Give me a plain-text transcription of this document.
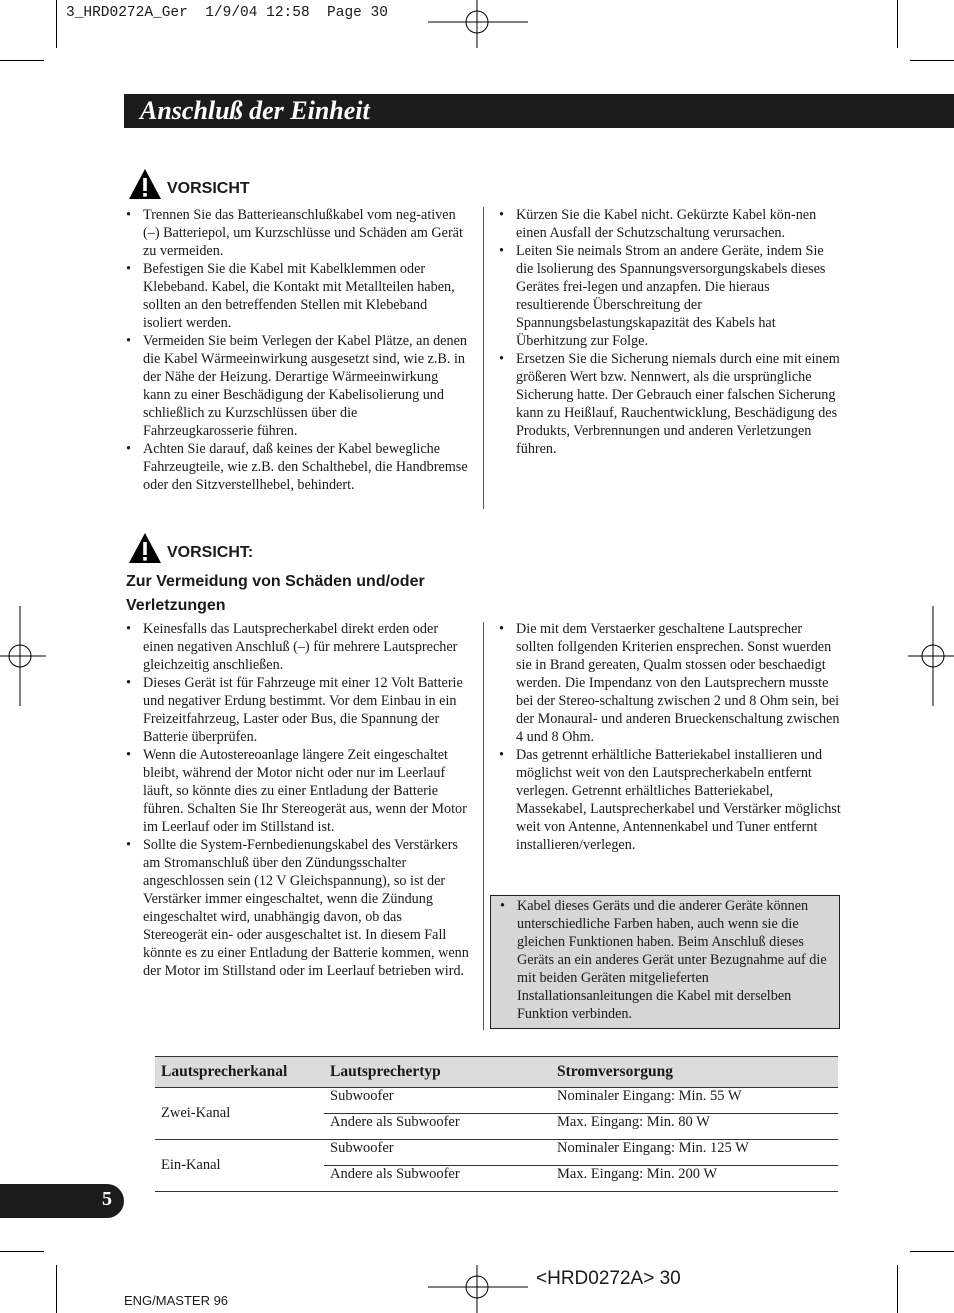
3_HRD0272A_Ger  1/9/04 12:58  Page 30
Anschluß der Einheit
VORSICHT
• Trennen Sie das Batterieanschlußkabel vom neg-ativen (–) Batteriepol, um Kurzschlüsse und Schäden am Gerät zu vermeiden.
• Befestigen Sie die Kabel mit Kabelklemmen oder Klebeband. Kabel, die Kontakt mit Metallteilen haben, sollten an den betreffenden Stellen mit Klebeband isoliert werden.
• Vermeiden Sie beim Verlegen der Kabel Plätze, an denen die Kabel Wärmeeinwirkung ausgesetzt sind, wie z.B. in der Nähe der Heizung. Derartige Wärmeeinwirkung kann zu einer Beschädigung der Kabelisolierung und schließlich zu Kurzschlüssen über die Fahrzeugkarosserie führen.
• Achten Sie darauf, daß keines der Kabel bewegliche Fahrzeugteile, wie z.B. den Schalthebel, die Handbremse oder den Sitzverstellhebel, behindert.
• Kürzen Sie die Kabel nicht. Gekürzte Kabel kön-nen einen Ausfall der Schutzschaltung verursachen.
• Leiten Sie neimals Strom an andere Geräte, indem Sie die lsolierung des Spannungsversorgungskabels dieses Gerätes frei-legen und anzapfen. Die hieraus resultierende Überschreitung der Spannungsbelastungskapazität des Kabels hat Überhitzung zur Folge.
• Ersetzen Sie die Sicherung niemals durch eine mit einem größeren Wert bzw. Nennwert, als die ursprüngliche Sicherung hatte. Der Gebrauch einer falschen Sicherung kann zu Heißlauf, Rauchentwicklung, Beschädigung des Produkts, Verbrennungen und anderen Verletzungen führen.
VORSICHT:
Zur Vermeidung von Schäden und/oder
Verletzungen
• Keinesfalls das Lautsprecherkabel direkt erden oder einen negativen Anschluß (–) für mehrere Lautsprecher gleichzeitig anschließen.
• Dieses Gerät ist für Fahrzeuge mit einer 12 Volt Batterie und negativer Erdung bestimmt. Vor dem Einbau in ein Freizeitfahrzeug, Laster oder Bus, die Spannung der Batterie überprüfen.
• Wenn die Autostereoanlage längere Zeit eingeschaltet bleibt, während der Motor nicht oder nur im Leerlauf läuft, so könnte dies zu einer Entladung der Batterie führen. Schalten Sie Ihr Stereogerät aus, wenn der Motor im Leerlauf oder im Stillstand ist.
• Sollte die System-Fernbedienungskabel des Verstärkers am Stromanschluß über den Zündungsschalter angeschlossen sein (12 V Gleichspannung), so ist der Verstärker immer eingeschaltet, wenn die Zündung eingeschaltet wird, unabhängig davon, ob das Stereogerät ein- oder ausgeschaltet ist. In diesem Fall könnte es zu einer Entladung der Batterie kommen, wenn der Motor im Stillstand oder im Leerlauf betrieben wird.
• Die mit dem Verstaerker geschaltene Lautsprecher sollten follgenden Kriterien ensprechen. Sonst wuerden sie in Brand gereaten, Qualm stossen oder beschaedigt werden. Die Impendanz von den Lautsprechern musste bei der Stereo-schaltung zwischen 2 und 8 Ohm sein, bei der Monaural- und anderen Brueckenschaltung zwischen 4 und 8 Ohm.
• Das getrennt erhältliche Batteriekabel installieren und möglichst weit von den Lautsprecherkabeln entfernt verlegen. Getrennt erhältliches Batteriekabel, Massekabel, Lautsprecherkabel und Verstärker möglichst weit von Antenne, Antennenkabel und Tuner entfernt installieren/verlegen.
• Kabel dieses Geräts und die anderer Geräte können unterschiedliche Farben haben, auch wenn sie die gleichen Funktionen haben. Beim Anschluß dieses Geräts an ein anderes Gerät unter Bezugnahme auf die mit beiden Geräten mitgelieferten Installationsanleitungen die Kabel mit derselben Funktion verbinden.
Lautsprecherkanal	Lautsprechertyp	Stromversorgung
Zwei-Kanal	Subwoofer	Nominaler Eingang: Min. 55 W
	Andere als Subwoofer	Max. Eingang: Min. 80 W
Ein-Kanal	Subwoofer	Nominaler Eingang: Min. 125 W
	Andere als Subwoofer	Max. Eingang: Min. 200 W
5
<HRD0272A> 30
ENG/MASTER 96
